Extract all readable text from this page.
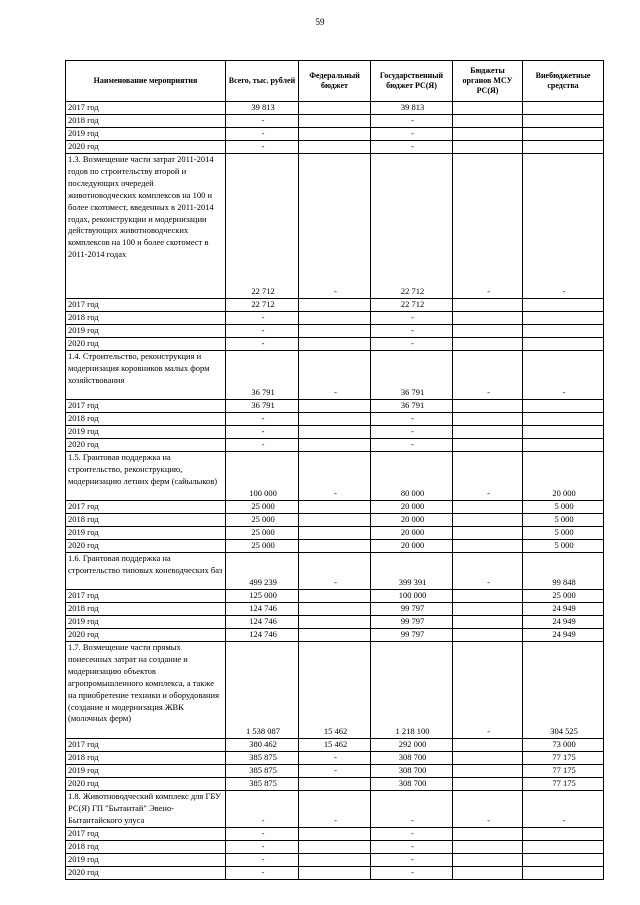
59
Наименование мероприятия	Всего, тыс. рублей	Федеральный бюджет	Государственный бюджет РС(Я)	Бюджеты органов МСУ РС(Я)	Внебюджетные средства
2017 год	39 813		39 813		
2018 год	-		-		
2019 год	-		-		
2020 год	-		-		
1.3. Возмещение части затрат 2011-2014 годов по строительству второй и последующих очередей животноводческих комплексов на 100 и более скотомест, введенных в 2011-2014 годах, реконструкции и модернизации действующих животноводческих комплексов на 100 и более скотомест в 2011-2014 годах	22 712	-	22 712	-	-
2017 год	22 712		22 712		
2018 год	-		-		
2019 год	-		-		
2020 год	-		-		
1.4. Строительство, реконструкция и модернизация коровников малых форм хозяйствования	36 791	-	36 791	-	-
2017 год	36 791		36 791		
2018 год	-		-		
2019 год	-		-		
2020 год	-		-		
1.5. Грантовая поддержка на строительство, реконструкцию, модернизацию летних ферм (сайылыков)	100 000	-	80 000	-	20 000
2017 год	25 000		20 000		5 000
2018 год	25 000		20 000		5 000
2019 год	25 000		20 000		5 000
2020 год	25 000		20 000		5 000
1.6. Грантовая поддержка на строительство типовых коневодческих баз	499 239	-	399 391	-	99 848
2017 год	125 000		100 000		25 000
2018 год	124 746		99 797		24 949
2019 год	124 746		99 797		24 949
2020 год	124 746		99 797		24 949
1.7. Возмещение части прямых понесенных затрат на создание и модернизацию объектов агропромышленного комплекса, а также на приобретение техники и оборудования (создание и модернизация ЖВК (молочных ферм)	1 538 087	15 462	1 218 100	-	304 525
2017 год	380 462	15 462	292 000		73 000
2018 год	385 875	-	308 700		77 175
2019 год	385 875	-	308 700		77 175
2020 год	385 875		308 700		77 175
1.8. Животноводческий комплекс для ГБУ РС(Я) ГП "Бытантай" Эвено-Бытантайского улуса	-	-	-	-	-
2017 год	-		-		
2018 год	-		-		
2019 год	-		-		
2020 год	-		-		
